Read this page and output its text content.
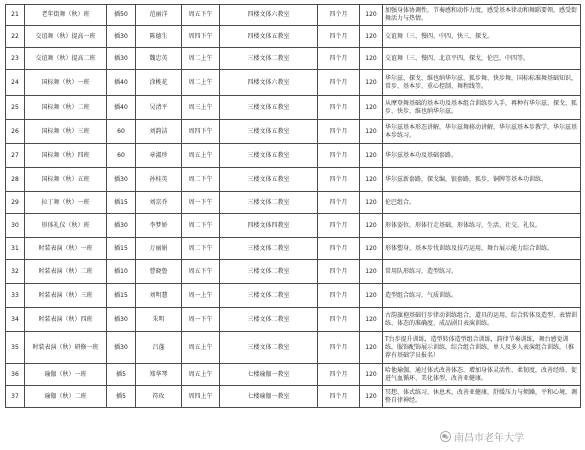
21	老年街舞（秋）班	插50	范丽洋	周五下午	四楼文体六教室	四个月	120	加强身体协调性，节奏感和动作力度，感受基本律动和舞蹈要领，感受街舞活力与热情。
22	交谊舞（秋）提高一班	插30	陈德生	周四下午	四楼文体五教室	四个月	120	交谊舞（三、慢四、中四、快三、探戈。
23	交谊舞（秋）提高二班	插30	魏忠英	周二上午	三楼文体二教室	四个月	120	交谊舞（三、慢四、北京平四，探戈，伦巴，中四等。
24	国标舞（秋）一班	插40	涂桃花	周二上午	四楼文体六教室	四个月	120	华尔兹、探戈、维也纳华尔兹、狐步舞、快步舞，国标标准舞基础知识，常步、基本步、重心控制、舞程线等。
25	国标舞（秋）二班	插40	吴清平	周三上午	三楼文体五教室	四个月	120	从摩登舞基础的基本功及基本组合训练步入手，再种有华尔兹、探戈、狐步、快步、维也纳华尔兹。
26	国标舞（秋）三班	60	刘韵洁	周四下午	三楼文体五教室	四个月	120	华尔兹基本形态讲解，华尔兹舞移动讲解，华尔兹基本步教学，华尔兹基本步练习。
27	国标舞（秋）四班	60	章淑珍	周五上午	三楼文体五教室	四个月	120	华尔兹基本功及基础套路。
28	国标舞（秋）五班	插30	孙桂英	周二下午	三楼文体五教室	四个月	120	华尔兹新套路，探戈编，银套路，狐步，铜牌等基本功训练。
29	拉丁舞（秋）一班	插15	刘京乔	周一下午	三楼文体二教室	四个月	120	伦巴组合。
30	形体礼仪（秋）班	插30	李梦娇	周二下午	四楼文体四教室	四个月	120	形体姿位，形体行走基础，形体练习，生活、社交、礼仪。
31	时装表演（秋）一班	插15	万丽娟	周二下午	三楼文体二教室	四个月	120	形体塑身，基本步伐训练及技巧运用，舞台展示能力综合训练。
32	时装表演（秋）二班	插10	曹晓鲁	周五下午	三楼文体二教室	四个月	120	常用队形练习，造型练习。
33	时装表演（秋）三班	插15	刘明慧	周一上午	三楼文体二教室	四个月	120	造型组合练习，气质训练。
34	时装表演（秋）四班	插30	朱明	周一下午	三楼文体二教室	四个月	120	古韵旗袍基础行步律动训练组合，道具的运用，综合转体及造型、表情训练、体态的准确度、成品剧目表演训练。
35	时装表演（秋）研修一班	插30	吕蓬	周五上午	三楼文体二教室	四个月	120	T台步提升训练，造型转体造型组合训练，韵律节奏训练，舞台感觉训练，服饰配饰展示训练，综合组合训练，单人及多人表演组合训练，（推荐有基础学员报名）
36	瑜伽（秋）一班	插5	郑华琴	周五上午	七楼瑜伽一教室	四个月	120	哈他瑜伽，通过体式改善体态，增加身体灵活性、柔韧度，改善经络、促进气血循环、美化体型，改善亚健康。
37	瑜伽（秋）二班	插5	符玫	周四上午	七楼瑜伽一教室	四个月	120	冥想、体式练习，休息术，改善亚健康，舒缓压力与烦躁，平和心境，调整自律神经。
南昌市老年大学
